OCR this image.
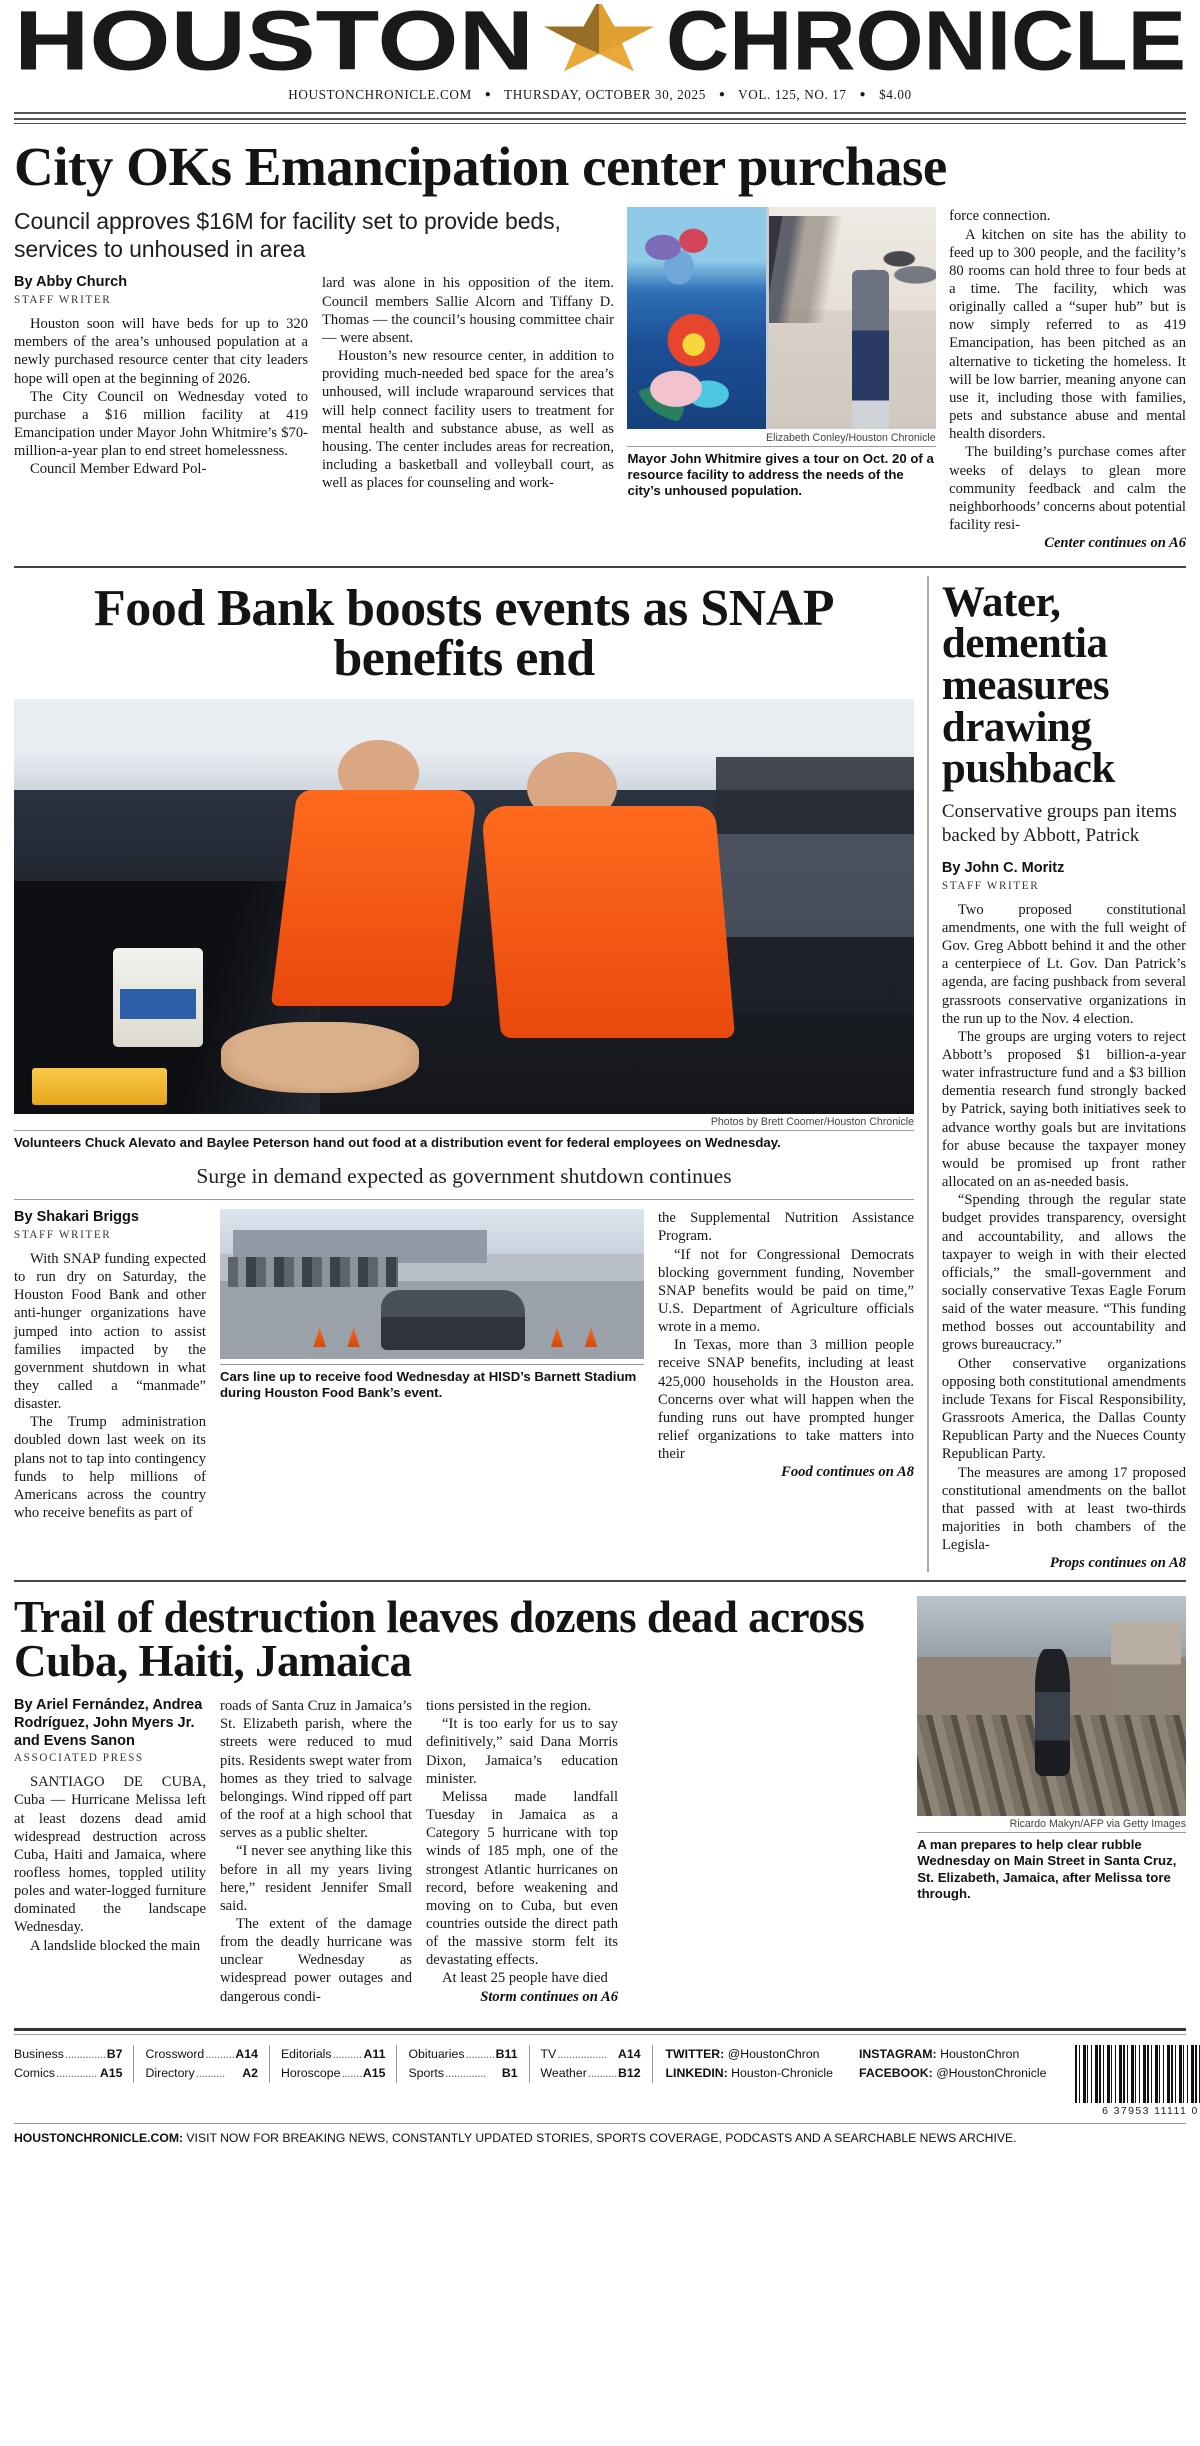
HOUSTON CHRONICLE
HOUSTONCHRONICLE.COM ● THURSDAY, OCTOBER 30, 2025 ● VOL. 125, NO. 17 ● $4.00
City OKs Emancipation center purchase
Council approves $16M for facility set to provide beds, services to unhoused in area
By Abby Church
STAFF WRITER

Houston soon will have beds for up to 320 members of the area’s unhoused population at a newly purchased resource center that city leaders hope will open at the beginning of 2026.

The City Council on Wednesday voted to purchase a $16 million facility at 419 Emancipation under Mayor John Whitmire’s $70-million-a-year plan to end street homelessness.

Council Member Edward Pol-

lard was alone in his opposition of the item. Council members Sallie Alcorn and Tiffany D. Thomas — the council’s housing committee chair — were absent.

Houston’s new resource center, in addition to providing much-needed bed space for the area’s unhoused, will include wraparound services that will help connect facility users to treatment for mental health and substance abuse, as well as housing. The center includes areas for recreation, including a basketball and volleyball court, as well as places for counseling and work-

Elizabeth Conley/Houston Chronicle
Mayor John Whitmire gives a tour on Oct. 20 of a resource facility to address the needs of the city’s unhoused population.

force connection.

A kitchen on site has the ability to feed up to 300 people, and the facility’s 80 rooms can hold three to four beds at a time. The facility, which was originally called a “super hub” but is now simply referred to as 419 Emancipation, has been pitched as an alternative to ticketing the homeless. It will be low barrier, meaning anyone can use it, including those with families, pets and substance abuse and mental health disorders.

The building’s purchase comes after weeks of delays to glean more community feedback and calm the neighborhoods’ concerns about potential facility resi-

Center continues on A6
Food Bank boosts events as SNAP benefits end
Photos by Brett Coomer/Houston Chronicle
Volunteers Chuck Alevato and Baylee Peterson hand out food at a distribution event for federal employees on Wednesday.
Surge in demand expected as government shutdown continues
By Shakari Briggs
STAFF WRITER

With SNAP funding expected to run dry on Saturday, the Houston Food Bank and other anti-hunger organizations have jumped into action to assist families impacted by the government shutdown in what they called a “manmade” disaster.

The Trump administration doubled down last week on its plans not to tap into contingency funds to help millions of Americans across the country who receive benefits as part of

Cars line up to receive food Wednesday at HISD’s Barnett Stadium during Houston Food Bank’s event.

the Supplemental Nutrition Assistance Program.

“If not for Congressional Democrats blocking government funding, November SNAP benefits would be paid on time,” U.S. Department of Agriculture officials wrote in a memo.

In Texas, more than 3 million people receive SNAP benefits, including at least 425,000 households in the Houston area. Concerns over what will happen when the funding runs out have prompted hunger relief organizations to take matters into their

Food continues on A8
Water, dementia measures drawing pushback
Conservative groups pan items backed by Abbott, Patrick
By John C. Moritz
STAFF WRITER

Two proposed constitutional amendments, one with the full weight of Gov. Greg Abbott behind it and the other a centerpiece of Lt. Gov. Dan Patrick’s agenda, are facing pushback from several grassroots conservative organizations in the run up to the Nov. 4 election.

The groups are urging voters to reject Abbott’s proposed $1 billion-a-year water infrastructure fund and a $3 billion dementia research fund strongly backed by Patrick, saying both initiatives seek to advance worthy goals but are invitations for abuse because the taxpayer money would be promised up front rather allocated on an as-needed basis.

“Spending through the regular state budget provides transparency, oversight and accountability, and allows the taxpayer to weigh in with their elected officials,” the small-government and socially conservative Texas Eagle Forum said of the water measure. “This funding method bosses out accountability and grows bureaucracy.”

Other conservative organizations opposing both constitutional amendments include Texans for Fiscal Responsibility, Grassroots America, the Dallas County Republican Party and the Nueces County Republican Party.

The measures are among 17 proposed constitutional amendments on the ballot that passed with at least two-thirds majorities in both chambers of the Legisla-

Props continues on A8
Trail of destruction leaves dozens dead across Cuba, Haiti, Jamaica
By Ariel Fernández, Andrea Rodríguez, John Myers Jr. and Evens Sanon
ASSOCIATED PRESS

SANTIAGO DE CUBA, Cuba — Hurricane Melissa left at least dozens dead amid widespread destruction across Cuba, Haiti and Jamaica, where roofless homes, toppled utility poles and water-logged furniture dominated the landscape Wednesday.

A landslide blocked the main

roads of Santa Cruz in Jamaica’s St. Elizabeth parish, where the streets were reduced to mud pits. Residents swept water from homes as they tried to salvage belongings. Wind ripped off part of the roof at a high school that serves as a public shelter.

“I never see anything like this before in all my years living here,” resident Jennifer Small said.

The extent of the damage from the deadly hurricane was unclear Wednesday as widespread power outages and dangerous condi-

tions persisted in the region.

“It is too early for us to say definitively,” said Dana Morris Dixon, Jamaica’s education minister.

Melissa made landfall Tuesday in Jamaica as a Category 5 hurricane with top winds of 185 mph, one of the strongest Atlantic hurricanes on record, before weakening and moving on to Cuba, but even countries outside the direct path of the massive storm felt its devastating effects.

At least 25 people have died

Storm continues on A6
Ricardo Makyn/AFP via Getty Images
A man prepares to help clear rubble Wednesday on Main Street in Santa Cruz, St. Elizabeth, Jamaica, after Melissa tore through.
Business .............. B7
Comics .............. A15
Crossword .......... A14
Directory ..........	A2
Editorials .......... A11
Horoscope ....... A15
Obituaries .......... B11
Sports ..............	B1
TV ................. A14
Weather .......... B12
TWITTER: @HoustonChron
LINKEDIN: Houston-Chronicle
INSTAGRAM: HoustonChron
FACEBOOK: @HoustonChronicle
6 37953 11111 0
HOUSTONCHRONICLE.COM: VISIT NOW FOR BREAKING NEWS, CONSTANTLY UPDATED STORIES, SPORTS COVERAGE, PODCASTS AND A SEARCHABLE NEWS ARCHIVE.
